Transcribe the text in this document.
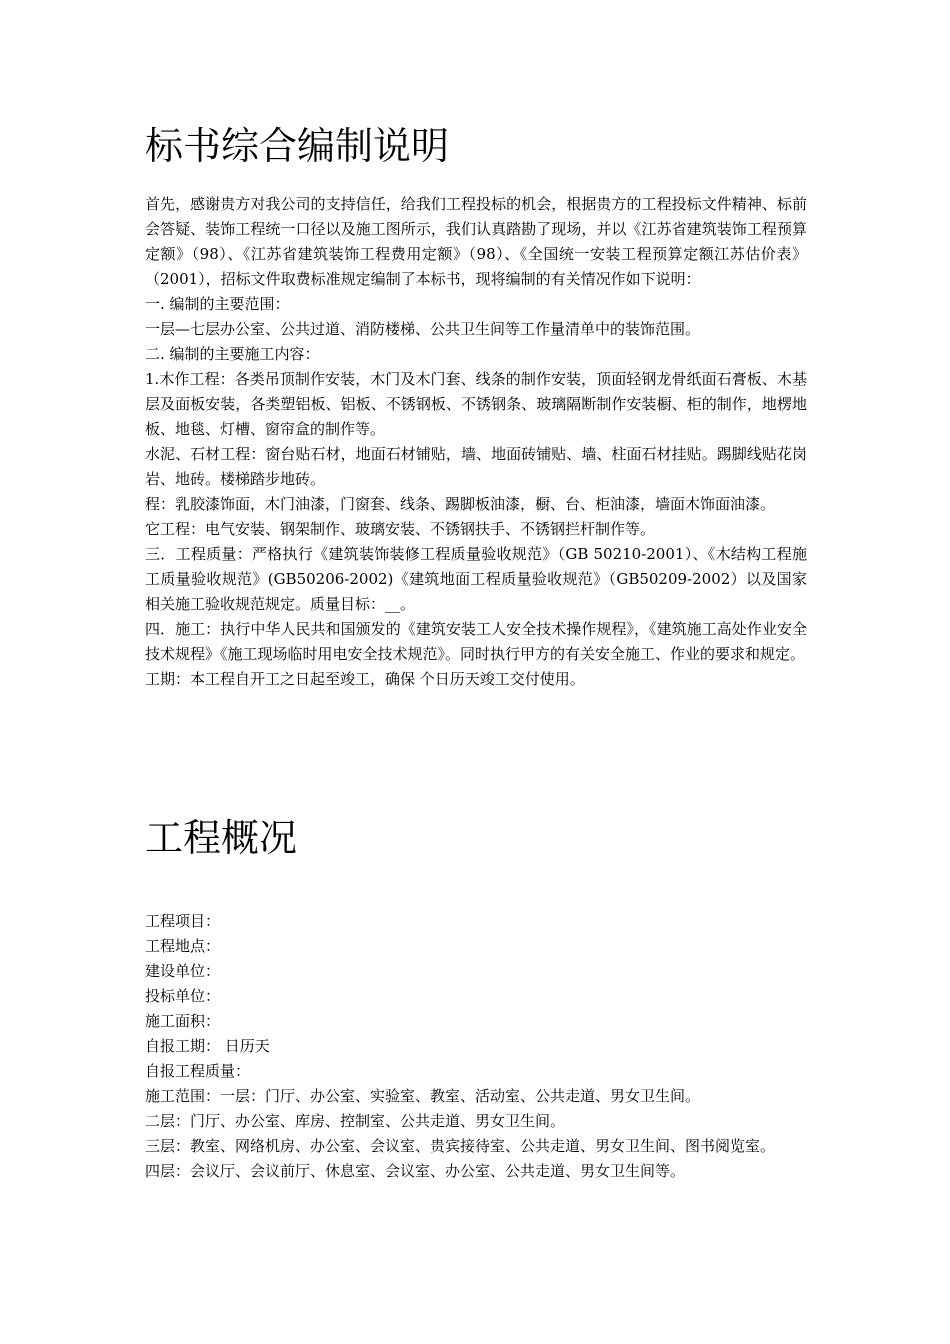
标书综合编制说明

首先，感谢贵方对我公司的支持信任，给我们工程投标的机会，根据贵方的工程投标文件精神、标前会答疑、装饰工程统一口径以及施工图所示，我们认真踏勘了现场，并以《江苏省建筑装饰工程预算定额》（98）、《江苏省建筑装饰工程费用定额》（98）、《全国统一安装工程预算定额江苏估价表》（2001），招标文件取费标准规定编制了本标书，现将编制的有关情况作如下说明：

一. 编制的主要范围：

一层—七层办公室、公共过道、消防楼梯、公共卫生间等工作量清单中的装饰范围。

二. 编制的主要施工内容：

1.木作工程：各类吊顶制作安装，木门及木门套、线条的制作安装，顶面轻钢龙骨纸面石膏板、木基层及面板安装，各类塑铝板、铝板、不锈钢板、不锈钢条、玻璃隔断制作安装橱、柜的制作，地楞地板、地毯、灯槽、窗帘盒的制作等。

水泥、石材工程：窗台贴石材，地面石材铺贴，墙、地面砖铺贴、墙、柱面石材挂贴。踢脚线贴花岗岩、地砖。楼梯踏步地砖。

程：乳胶漆饰面，木门油漆，门窗套、线条、踢脚板油漆，橱、台、柜油漆，墙面木饰面油漆。

它工程：电气安装、钢架制作、玻璃安装、不锈钢扶手、不锈钢拦杆制作等。

三．工程质量：严格执行《建筑装饰装修工程质量验收规范》（GB 50210-2001）、《木结构工程施工质量验收规范》(GB50206-2002)《建筑地面工程质量验收规范》（GB50209-2002）以及国家相关施工验收规范规定。质量目标：__。

四．施工：执行中华人民共和国颁发的《建筑安装工人安全技术操作规程》，《建筑施工高处作业安全技术规程》《施工现场临时用电安全技术规范》。同时执行甲方的有关安全施工、作业的要求和规定。

工期：本工程自开工之日起至竣工，确保 个日历天竣工交付使用。

工程概况

工程项目：

工程地点：

建设单位：

投标单位：

施工面积：

自报工期： 日历天

自报工程质量：

施工范围：一层：门厅、办公室、实验室、教室、活动室、公共走道、男女卫生间。

二层：门厅、办公室、库房、控制室、公共走道、男女卫生间。

三层：教室、网络机房、办公室、会议室、贵宾接待室、公共走道、男女卫生间、图书阅览室。

四层：会议厅、会议前厅、休息室、会议室、办公室、公共走道、男女卫生间等。
